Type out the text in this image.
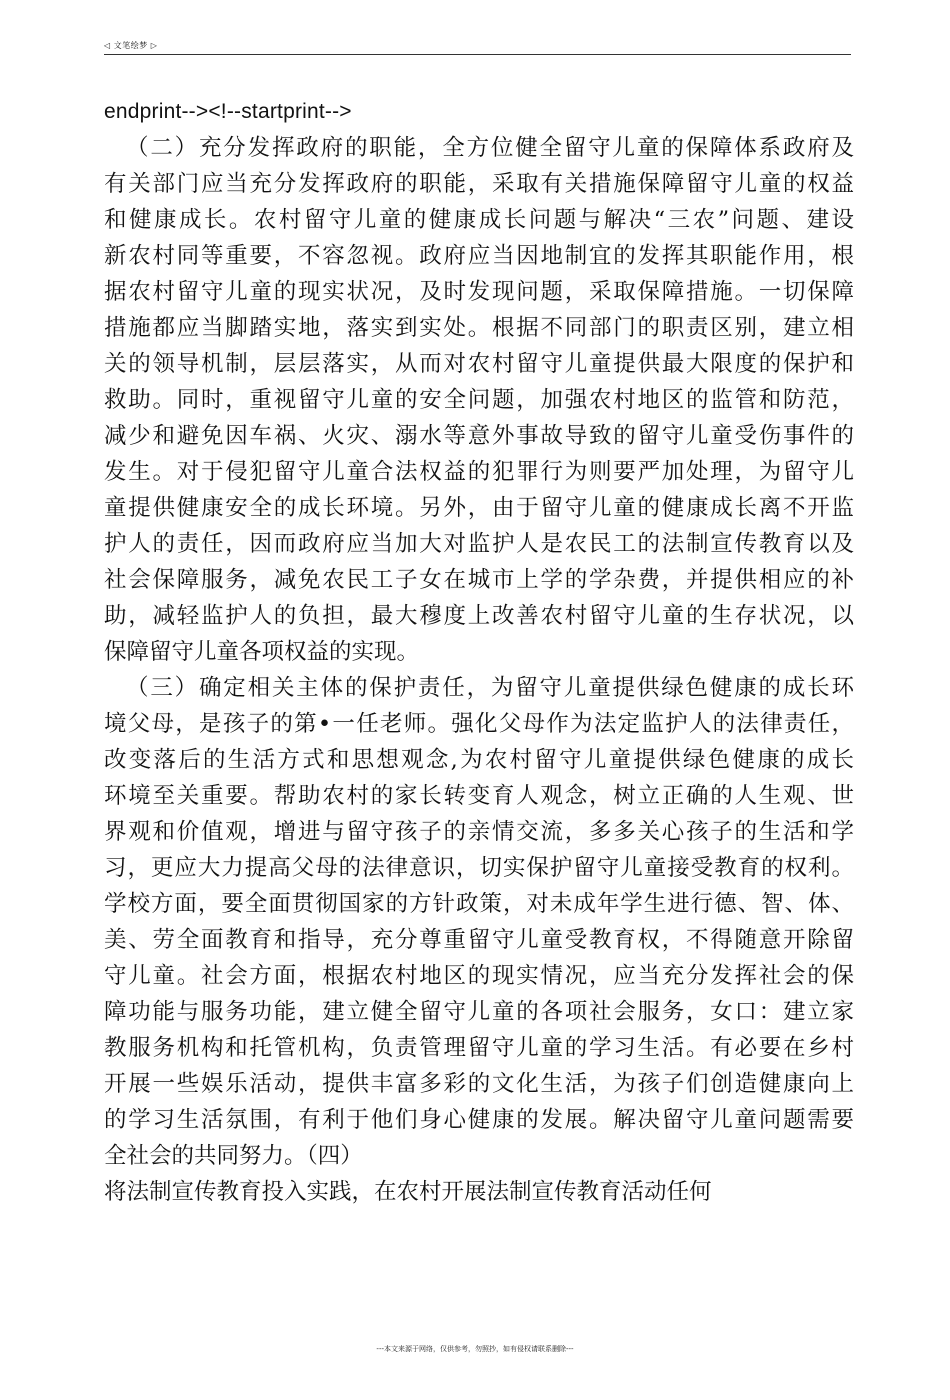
◁ 文笔绘梦 ▷
endprint--><!--startprint-->
（二）充分发挥政府的职能，全方位健全留守儿童的保障体系政府及
有关部门应当充分发挥政府的职能，采取有关措施保障留守儿童的权益
和健康成长。农村留守儿童的健康成长问题与解决“三农”问题、建设
新农村同等重要，不容忽视。政府应当因地制宜的发挥其职能作用，根
据农村留守儿童的现实状况，及时发现问题，采取保障措施。一切保障
措施都应当脚踏实地，落实到实处。根据不同部门的职责区别，建立相
关的领导机制，层层落实，从而对农村留守儿童提供最大限度的保护和
救助。同时，重视留守儿童的安全问题，加强农村地区的监管和防范，
减少和避免因车祸、火灾、溺水等意外事故导致的留守儿童受伤事件的
发生。对于侵犯留守儿童合法权益的犯罪行为则要严加处理，为留守儿
童提供健康安全的成长环境。另外，由于留守儿童的健康成长离不开监
护人的责任，因而政府应当加大对监护人是农民工的法制宣传教育以及
社会保障服务，减免农民工子女在城市上学的学杂费，并提供相应的补
助，减轻监护人的负担，最大穆度上改善农村留守儿童的生存状况，以
保障留守儿童各项权益的实现。
（三）确定相关主体的保护责任，为留守儿童提供绿色健康的成长环
境父母，是孩子的第•一任老师。强化父母作为法定监护人的法律责任，
改变落后的生活方式和思想观念,为农村留守儿童提供绿色健康的成长
环境至关重要。帮助农村的家长转变育人观念，树立正确的人生观、世
界观和价值观，增进与留守孩子的亲情交流，多多关心孩子的生活和学
习，更应大力提高父母的法律意识，切实保护留守儿童接受教育的权利。
学校方面，要全面贯彻国家的方针政策，对未成年学生进行德、智、体、
美、劳全面教育和指导，充分尊重留守儿童受教育权，不得随意开除留
守儿童。社会方面，根据农村地区的现实情况，应当充分发挥社会的保
障功能与服务功能，建立健全留守儿童的各项社会服务，女口：建立家
教服务机构和托管机构，负责管理留守儿童的学习生活。有必要在乡村
开展一些娱乐活动，提供丰富多彩的文化生活，为孩子们创造健康向上
的学习生活氛围，有利于他们身心健康的发展。解决留守儿童问题需要
全社会的共同努力。（四）
将法制宣传教育投入实践，在农村开展法制宣传教育活动任何
---本文来源于网络，仅供参考，勿照抄，如有侵权请联系删除---
